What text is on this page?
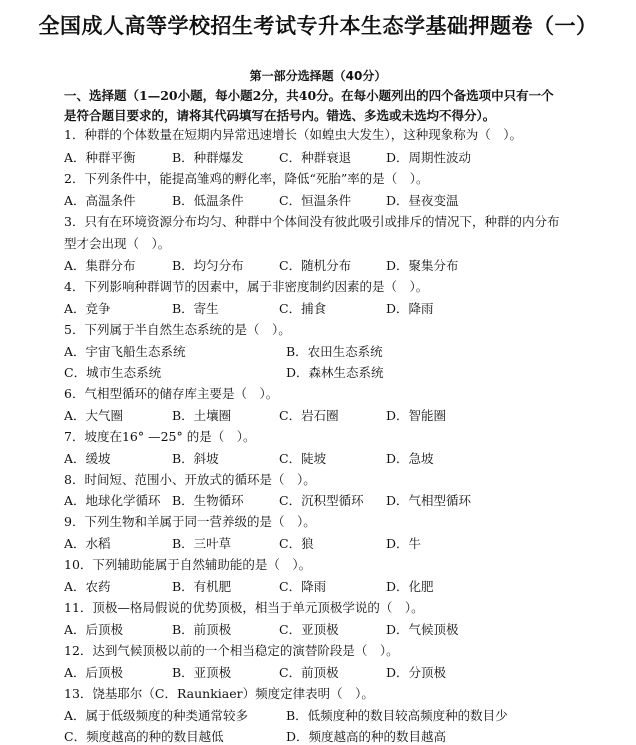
全国成人高等学校招生考试专升本生态学基础押题卷（一）
第一部分选择题（40分）
一、选择题（1—20小题，每小题2分，共40分。在每小题列出的四个备选项中只有一个
是符合题目要求的，请将其代码填写在括号内。错选、多选或未选均不得分）。
1．种群的个体数量在短期内异常迅速增长（如蝗虫大发生），这种现象称为（　）。
A．种群平衡	B．种群爆发	C．种群衰退	D．周期性波动
2．下列条件中，能提高雏鸡的孵化率，降低“死胎”率的是（　）。
A．高温条件	B．低温条件	C．恒温条件	D．昼夜变温
3．只有在环境资源分布均匀、种群中个体间没有彼此吸引或排斥的情况下，种群的内分布
型才会出现（　）。
A．集群分布	B．均匀分布	C．随机分布	D．聚集分布
4．下列影响种群调节的因素中，属于非密度制约因素的是（　）。
A．竞争	B．寄生	C．捕食	D．降雨
5．下列属于半自然生态系统的是（　）。
A．宇宙飞船生态系统	B．农田生态系统
C．城市生态系统	D．森林生态系统
6．气相型循环的储存库主要是（　）。
A．大气圈	B．土壤圈	C．岩石圈	D．智能圈
7．坡度在16° —25° 的是（　）。
A．缓坡	B．斜坡	C．陡坡	D．急坡
8．时间短、范围小、开放式的循环是（　）。
A．地球化学循环 B．生物循环	C．沉积型循环 D．气相型循环
9．下列生物和羊属于同一营养级的是（　）。
A．水稻	B．三叶草	C．狼	D．牛
10．下列辅助能属于自然辅助能的是（　）。
A．农药	B．有机肥	C．降雨	D．化肥
11．顶极—格局假说的优势顶极，相当于单元顶极学说的（　）。
A．后顶极	B．前顶极	C．亚顶极	D．气候顶极
12．达到气候顶极以前的一个相当稳定的演替阶段是（　）。
A．后顶极	B．亚顶极	C．前顶极	D．分顶极
13．饶基耶尔（C．Raunkiaer）频度定律表明（　）。
A．属于低级频度的种类通常较多	B．低频度种的数目较高频度种的数目少
C．频度越高的种的数目越低	D．频度越高的种的数目越高
